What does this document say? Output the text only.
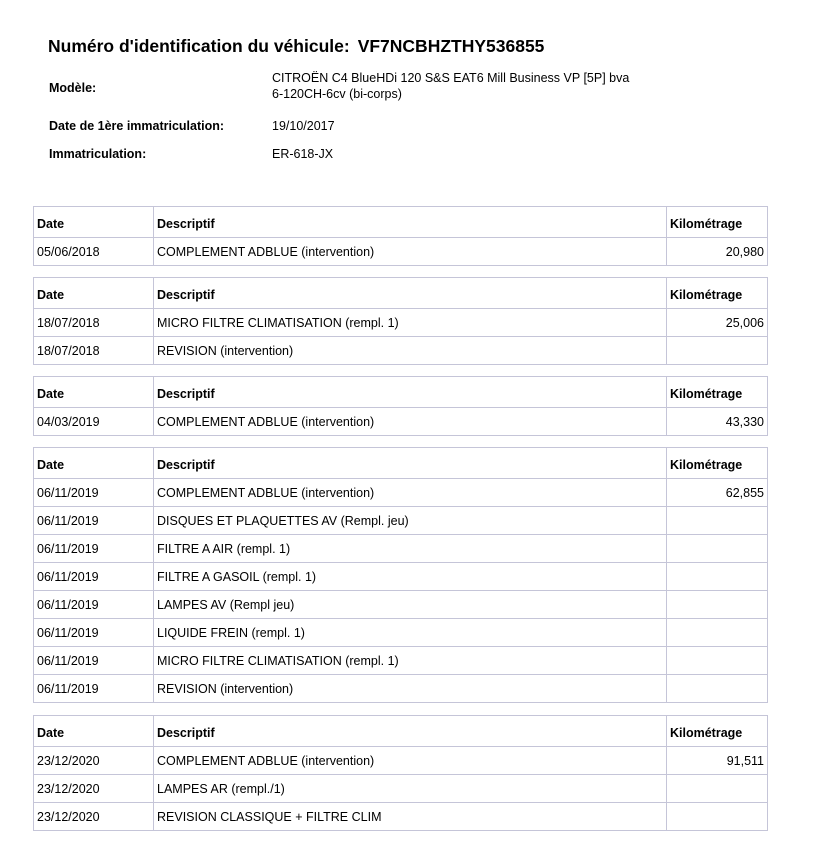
Numéro d'identification du véhicule: VF7NCBHZTHY536855
Modèle:
CITROËN C4 BlueHDi 120 S&S EAT6 Mill Business VP [5P] bva
6-120CH-6cv (bi-corps)
Date de 1ère immatriculation:	19/10/2017
Immatriculation:	ER-618-JX
Date	Descriptif	Kilométrage
05/06/2018	COMPLEMENT ADBLUE (intervention)	20,980
Date	Descriptif	Kilométrage
18/07/2018	MICRO FILTRE CLIMATISATION (rempl. 1)	25,006
18/07/2018	REVISION (intervention)	
Date	Descriptif	Kilométrage
04/03/2019	COMPLEMENT ADBLUE (intervention)	43,330
Date	Descriptif	Kilométrage
06/11/2019	COMPLEMENT ADBLUE (intervention)	62,855
06/11/2019	DISQUES ET PLAQUETTES AV (Rempl. jeu)	
06/11/2019	FILTRE A AIR (rempl. 1)	
06/11/2019	FILTRE A GASOIL (rempl. 1)	
06/11/2019	LAMPES AV (Rempl jeu)	
06/11/2019	LIQUIDE FREIN (rempl. 1)	
06/11/2019	MICRO FILTRE CLIMATISATION (rempl. 1)	
06/11/2019	REVISION (intervention)	
Date	Descriptif	Kilométrage
23/12/2020	COMPLEMENT ADBLUE (intervention)	91,511
23/12/2020	LAMPES AR (rempl./1)	
23/12/2020	REVISION CLASSIQUE + FILTRE CLIM	
